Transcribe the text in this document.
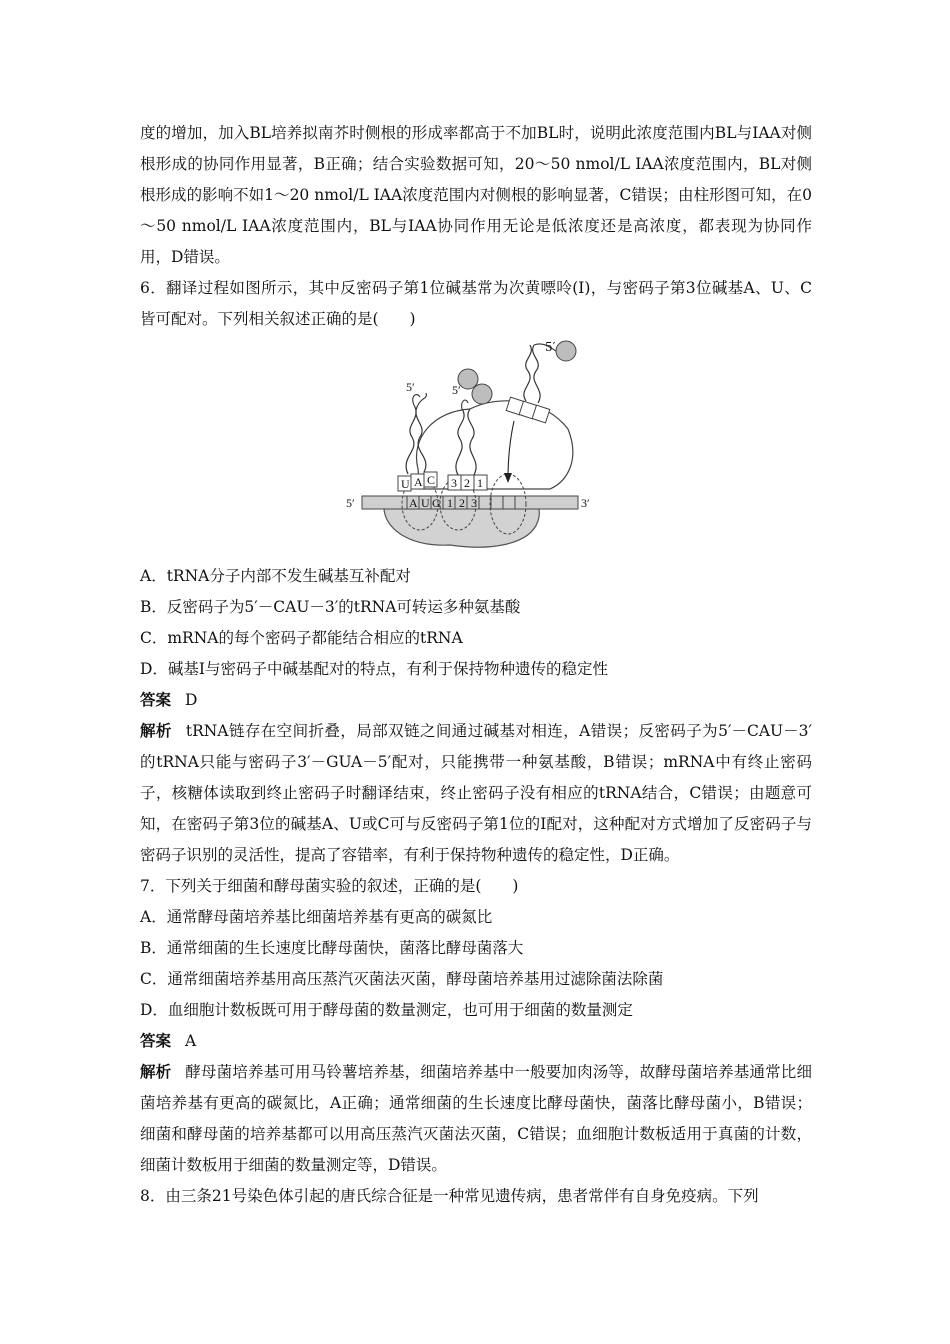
度的增加，加入BL培养拟南芥时侧根的形成率都高于不加BL时，说明此浓度范围内BL与IAA对侧根形成的协同作用显著，B正确；结合实验数据可知，20～50 nmol/L IAA浓度范围内，BL对侧根形成的影响不如1～20 nmol/L IAA浓度范围内对侧根的影响显著，C错误；由柱形图可知，在0～50 nmol/L IAA浓度范围内，BL与IAA协同作用无论是低浓度还是高浓度，都表现为协同作用，D错误。

6．翻译过程如图所示，其中反密码子第1位碱基常为次黄嘌呤(I)，与密码子第3位碱基A、U、C皆可配对。下列相关叙述正确的是(　　)

5′	3′
A U G 1 2 3
U A C
5′
3 2 1
5′
5′

A．tRNA分子内部不发生碱基互补配对

B．反密码子为5′－CAU－3′的tRNA可转运多种氨基酸

C．mRNA的每个密码子都能结合相应的tRNA

D．碱基I与密码子中碱基配对的特点，有利于保持物种遗传的稳定性

答案 D

解析 tRNA链存在空间折叠，局部双链之间通过碱基对相连，A错误；反密码子为5′－CAU－3′的tRNA只能与密码子3′－GUA－5′配对，只能携带一种氨基酸，B错误；mRNA中有终止密码子，核糖体读取到终止密码子时翻译结束，终止密码子没有相应的tRNA结合，C错误；由题意可知，在密码子第3位的碱基A、U或C可与反密码子第1位的I配对，这种配对方式增加了反密码子与密码子识别的灵活性，提高了容错率，有利于保持物种遗传的稳定性，D正确。

7．下列关于细菌和酵母菌实验的叙述，正确的是(　　)

A．通常酵母菌培养基比细菌培养基有更高的碳氮比

B．通常细菌的生长速度比酵母菌快，菌落比酵母菌落大

C．通常细菌培养基用高压蒸汽灭菌法灭菌，酵母菌培养基用过滤除菌法除菌

D．血细胞计数板既可用于酵母菌的数量测定，也可用于细菌的数量测定

答案 A

解析 酵母菌培养基可用马铃薯培养基，细菌培养基中一般要加肉汤等，故酵母菌培养基通常比细菌培养基有更高的碳氮比，A正确；通常细菌的生长速度比酵母菌快，菌落比酵母菌小，B错误；细菌和酵母菌的培养基都可以用高压蒸汽灭菌法灭菌，C错误；血细胞计数板适用于真菌的计数，细菌计数板用于细菌的数量测定等，D错误。

8．由三条21号染色体引起的唐氏综合征是一种常见遗传病，患者常伴有自身免疫病。下列
